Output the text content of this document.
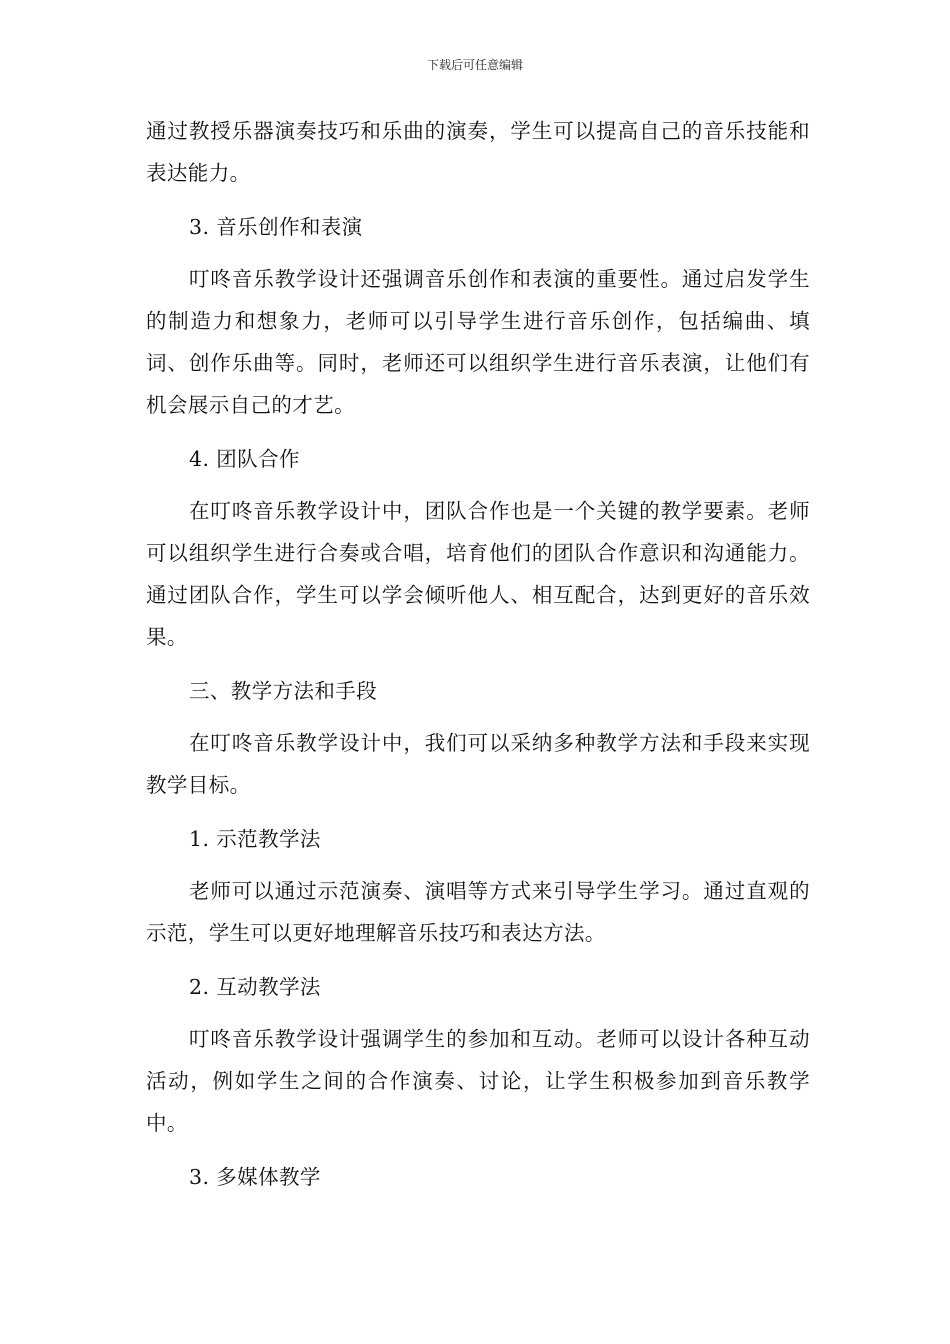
下载后可任意编辑

通过教授乐器演奏技巧和乐曲的演奏，学生可以提高自己的音乐技能和表达能力。

3. 音乐创作和表演

叮咚音乐教学设计还强调音乐创作和表演的重要性。通过启发学生的制造力和想象力，老师可以引导学生进行音乐创作，包括编曲、填词、创作乐曲等。同时，老师还可以组织学生进行音乐表演，让他们有机会展示自己的才艺。

4. 团队合作

在叮咚音乐教学设计中，团队合作也是一个关键的教学要素。老师可以组织学生进行合奏或合唱，培育他们的团队合作意识和沟通能力。通过团队合作，学生可以学会倾听他人、相互配合，达到更好的音乐效果。

三、教学方法和手段

在叮咚音乐教学设计中，我们可以采纳多种教学方法和手段来实现教学目标。

1. 示范教学法

老师可以通过示范演奏、演唱等方式来引导学生学习。通过直观的示范，学生可以更好地理解音乐技巧和表达方法。

2. 互动教学法

叮咚音乐教学设计强调学生的参加和互动。老师可以设计各种互动活动，例如学生之间的合作演奏、讨论，让学生积极参加到音乐教学中。

3. 多媒体教学
